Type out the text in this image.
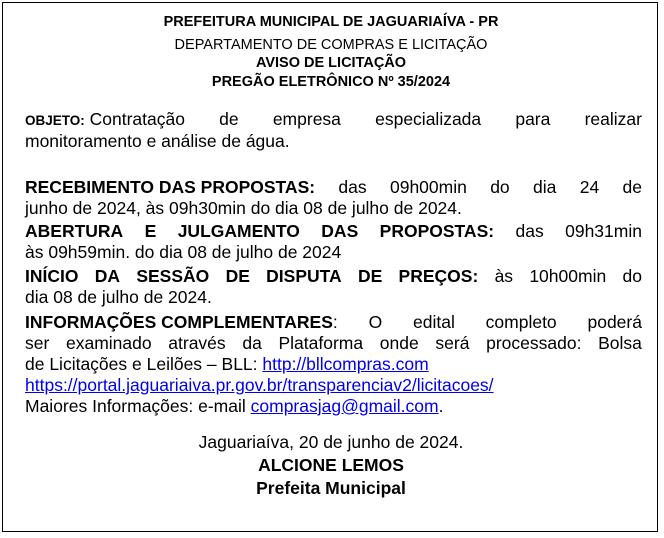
PREFEITURA MUNICIPAL DE JAGUARIAÍVA - PR
DEPARTAMENTO DE COMPRAS E LICITAÇÃO
AVISO DE LICITAÇÃO
PREGÃO ELETRÔNICO Nº 35/2024
OBJETO: Contratação de empresa especializada para realizar
monitoramento e análise de água.
RECEBIMENTO DAS PROPOSTAS: das 09h00min do dia 24 de
junho de 2024, às 09h30min do dia 08 de julho de 2024.
ABERTURA E JULGAMENTO DAS PROPOSTAS: das 09h31min
às 09h59min. do dia 08 de julho de 2024
INÍCIO DA SESSÃO DE DISPUTA DE PREÇOS: às 10h00min do
dia 08 de julho de 2024.
INFORMAÇÕES COMPLEMENTARES: O edital completo poderá
ser examinado através da Plataforma onde será processado: Bolsa
de Licitações e Leilões – BLL: http://bllcompras.com
https://portal.jaguariaiva.pr.gov.br/transparenciav2/licitacoes/
Maiores Informações: e-mail comprasjag@gmail.com.
Jaguariaíva, 20 de junho de 2024.
ALCIONE LEMOS
Prefeita Municipal
